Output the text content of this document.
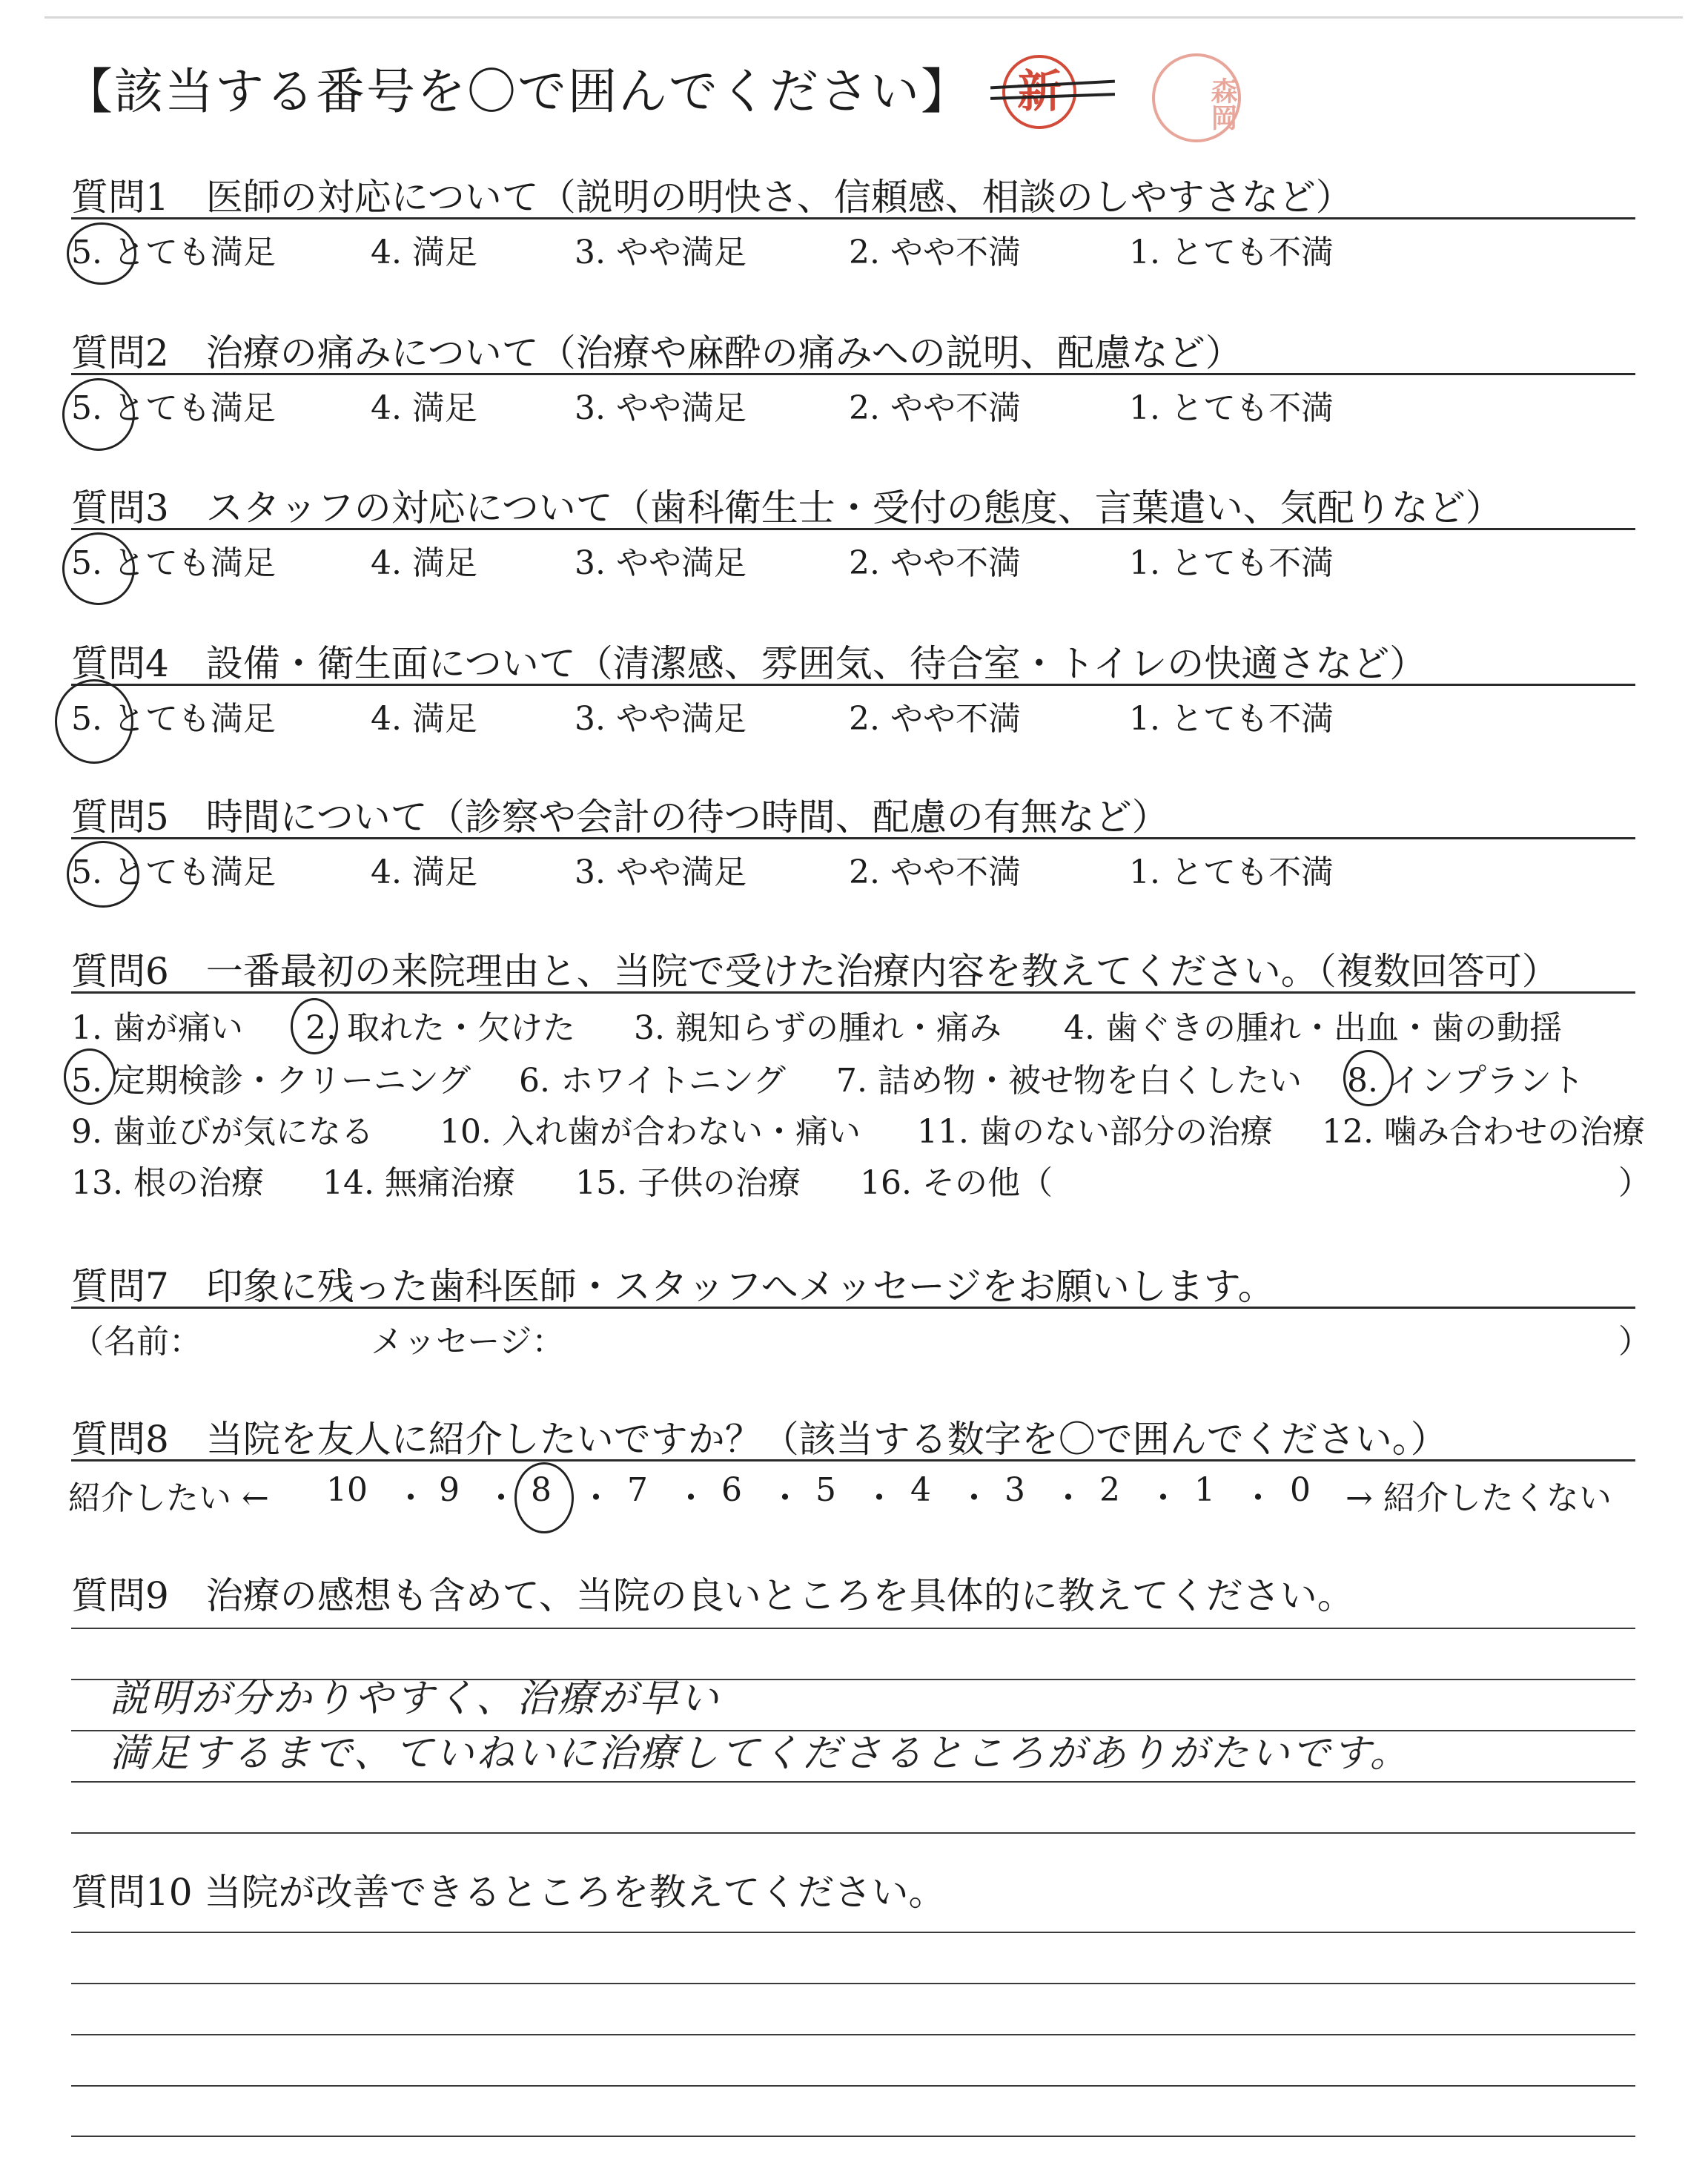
【該当する番号を〇で囲んでください】	新	森岡
質問1　医師の対応について（説明の明快さ、信頼感、相談のしやすさなど）
5. とても満足	4. 満足	3. やや満足	2. やや不満	1. とても不満
質問2　治療の痛みについて（治療や麻酔の痛みへの説明、配慮など）
5. とても満足	4. 満足	3. やや満足	2. やや不満	1. とても不満
質問3　スタッフの対応について（歯科衛生士・受付の態度、言葉遣い、気配りなど）
5. とても満足	4. 満足	3. やや満足	2. やや不満	1. とても不満
質問4　設備・衛生面について（清潔感、雰囲気、待合室・トイレの快適さなど）
5. とても満足	4. 満足	3. やや満足	2. やや不満	1. とても不満
質問5　時間について（診察や会計の待つ時間、配慮の有無など）
5. とても満足	4. 満足	3. やや満足	2. やや不満	1. とても不満
質問6　一番最初の来院理由と、当院で受けた治療内容を教えてください。（複数回答可）
1. 歯が痛い 2. 取れた・欠けた 3. 親知らずの腫れ・痛み 4. 歯ぐきの腫れ・出血・歯の動揺
5. 定期検診・クリーニング 6. ホワイトニング 7. 詰め物・被せ物を白くしたい 8. インプラント
9. 歯並びが気になる 10. 入れ歯が合わない・痛い 11. 歯のない部分の治療 12. 噛み合わせの治療
13. 根の治療 14. 無痛治療 15. 子供の治療 16. その他（	）
質問7　印象に残った歯科医師・スタッフへメッセージをお願いします。
（名前：	メッセージ：	）
質問8　当院を友人に紹介したいですか？（該当する数字を〇で囲んでください。）
紹介したい ← 10 ・ 9 ・ 8 ・ 7 ・ 6 ・ 5 ・ 4 ・ 3 ・ 2 ・ 1 ・ 0 → 紹介したくない
質問9　治療の感想も含めて、当院の良いところを具体的に教えてください。
説明が分かりやすく、治療が早い
満足するまで、ていねいに治療してくださるところがありがたいです。
質問10 当院が改善できるところを教えてください。
